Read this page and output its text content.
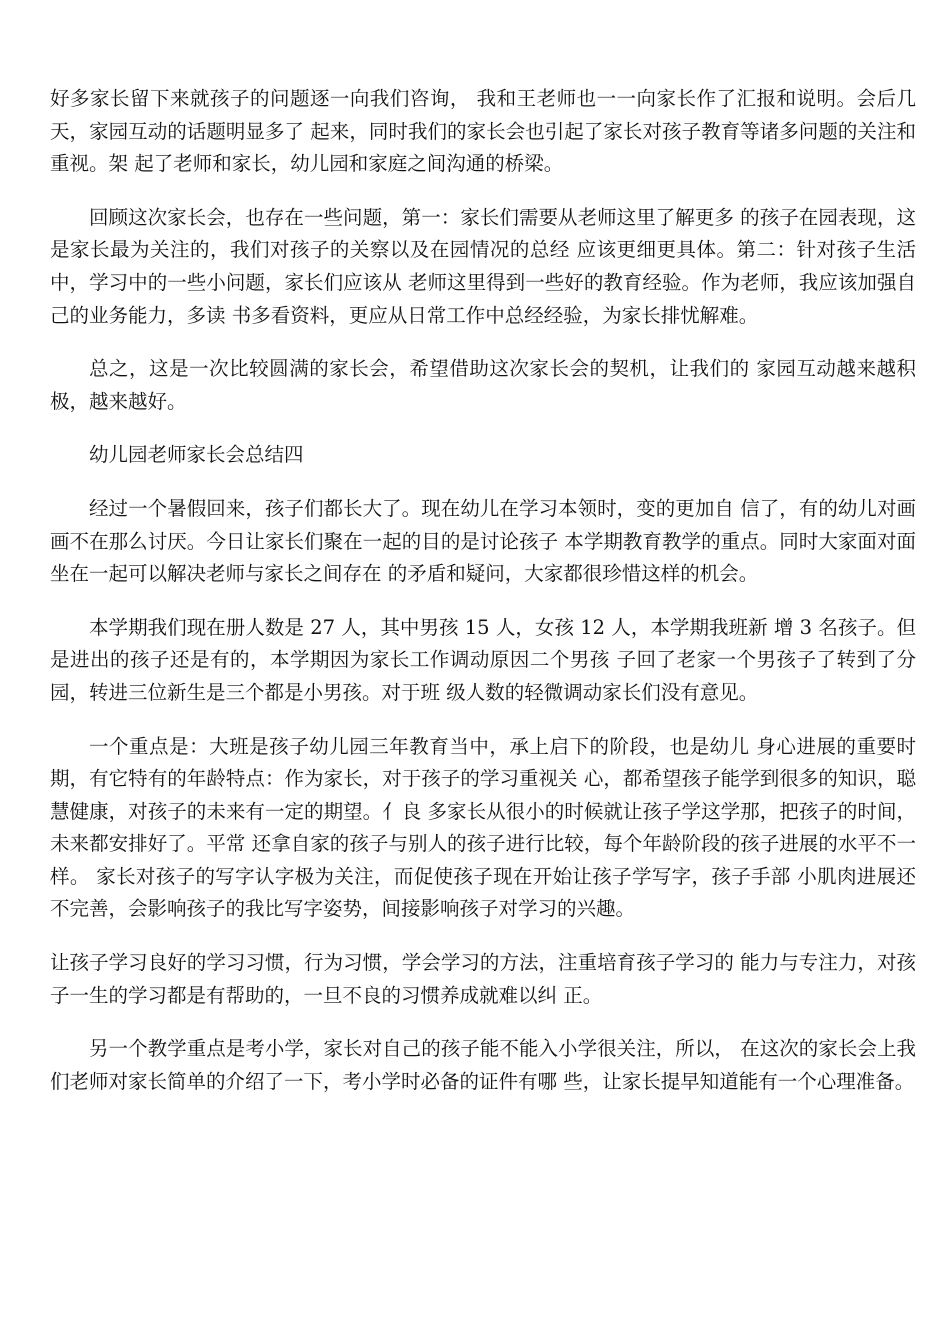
好多家长留下来就孩子的问题逐一向我们咨询， 我和王老师也一一向家长作了汇报和说明。会后几天，家园互动的话题明显多了 起来，同时我们的家长会也引起了家长对孩子教育等诸多问题的关注和重视。架 起了老师和家长，幼儿园和家庭之间沟通的桥梁。

回顾这次家长会，也存在一些问题，第一：家长们需要从老师这里了解更多 的孩子在园表现，这是家长最为关注的，我们对孩子的关察以及在园情况的总经 应该更细更具体。第二：针对孩子生活中，学习中的一些小问题，家长们应该从 老师这里得到一些好的教育经验。作为老师，我应该加强自己的业务能力，多读 书多看资料，更应从日常工作中总经经验，为家长排忧解难。

总之，这是一次比较圆满的家长会，希望借助这次家长会的契机，让我们的 家园互动越来越积极，越来越好。

幼儿园老师家长会总结四

经过一个暑假回来，孩子们都长大了。现在幼儿在学习本领时，变的更加自 信了，有的幼儿对画画不在那么讨厌。今日让家长们聚在一起的目的是讨论孩子 本学期教育教学的重点。同时大家面对面坐在一起可以解决老师与家长之间存在 的矛盾和疑问，大家都很珍惜这样的机会。

本学期我们现在册人数是 27 人，其中男孩 15 人，女孩 12 人，本学期我班新 增 3 名孩子。但是进出的孩子还是有的，本学期因为家长工作调动原因二个男孩 子回了老家一个男孩子了转到了分园，转进三位新生是三个都是小男孩。对于班 级人数的轻微调动家长们没有意见。

一个重点是：大班是孩子幼儿园三年教育当中，承上启下的阶段，也是幼儿 身心进展的重要时期，有它特有的年龄特点：作为家长，对于孩子的学习重视关 心，都希望孩子能学到很多的知识，聪慧健康，对孩子的未来有一定的期望。亻良 多家长从很小的时候就让孩子学这学那，把孩子的时间，未来都安排好了。平常 还拿自家的孩子与别人的孩子进行比较，每个年龄阶段的孩子进展的水平不一样。 家长对孩子的写字认字极为关注，而促使孩子现在开始让孩子学写字，孩子手部 小肌肉进展还不完善，会影响孩子的我比写字姿势，间接影响孩子对学习的兴趣。

让孩子学习良好的学习习惯，行为习惯，学会学习的方法，注重培育孩子学习的 能力与专注力，对孩子一生的学习都是有帮助的，一旦不良的习惯养成就难以纠 正。

另一个教学重点是考小学，家长对自己的孩子能不能入小学很关注，所以， 在这次的家长会上我们老师对家长简单的介绍了一下，考小学时必备的证件有哪 些，让家长提早知道能有一个心理准备。
